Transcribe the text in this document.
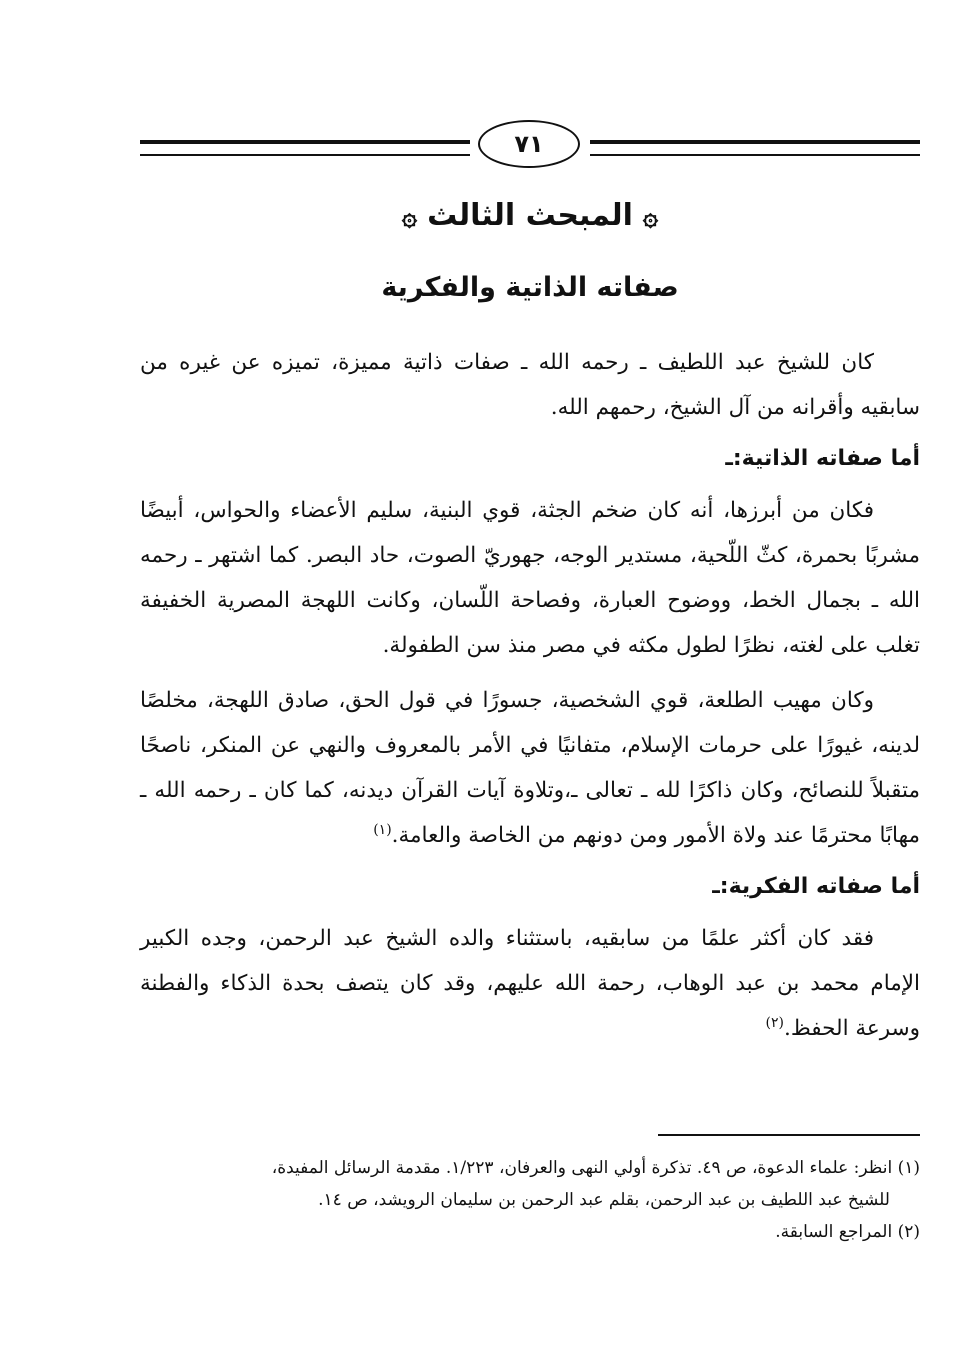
٧١
۞المبحث الثالث۞
صفاته الذاتية والفكرية

كان للشيخ عبد اللطيف ـ رحمه الله ـ صفات ذاتية مميزة، تميزه عن غيره من سابقيه وأقرانه من آل الشيخ، رحمهم الله.

أما صفاته الذاتية:ـ

فكان من أبرزها، أنه كان ضخم الجثة، قوي البنية، سليم الأعضاء والحواس، أبيضًا مشربًا بحمرة، كثّ اللّحية، مستدير الوجه، جهوريّ الصوت، حاد البصر. كما اشتهر ـ رحمه الله ـ بجمال الخط، ووضوح العبارة، وفصاحة اللّسان، وكانت اللهجة المصرية الخفيفة تغلب على لغته، نظرًا لطول مكثه في مصر منذ سن الطفولة.

وكان مهيب الطلعة، قوي الشخصية، جسورًا في قول الحق، صادق اللهجة، مخلصًا لدينه، غيورًا على حرمات الإسلام، متفانيًا في الأمر بالمعروف والنهي عن المنكر، ناصحًا متقبلاً للنصائح، وكان ذاكرًا لله ـ تعالى ـ،وتلاوة آيات القرآن ديدنه، كما كان ـ رحمه الله ـ مهابًا محترمًا عند ولاة الأمور ومن دونهم من الخاصة والعامة.$^{(١)}$

أما صفاته الفكرية:ـ

فقد كان أكثر علمًا من سابقيه، باستثناء والده الشيخ عبد الرحمن، وجده الكبير الإمام محمد بن عبد الوهاب، رحمة الله عليهم، وقد كان يتصف بحدة الذكاء والفطنة وسرعة الحفظ.$^{(٢)}$

(١) انظر: علماء الدعوة، ص ٤٩. تذكرة أولي النهى والعرفان، ١/٢٢٣. مقدمة الرسائل المفيدة،

للشيخ عبد اللطيف بن عبد الرحمن، بقلم عبد الرحمن بن سليمان الرويشد، ص ١٤.

(٢) المراجع السابقة.
